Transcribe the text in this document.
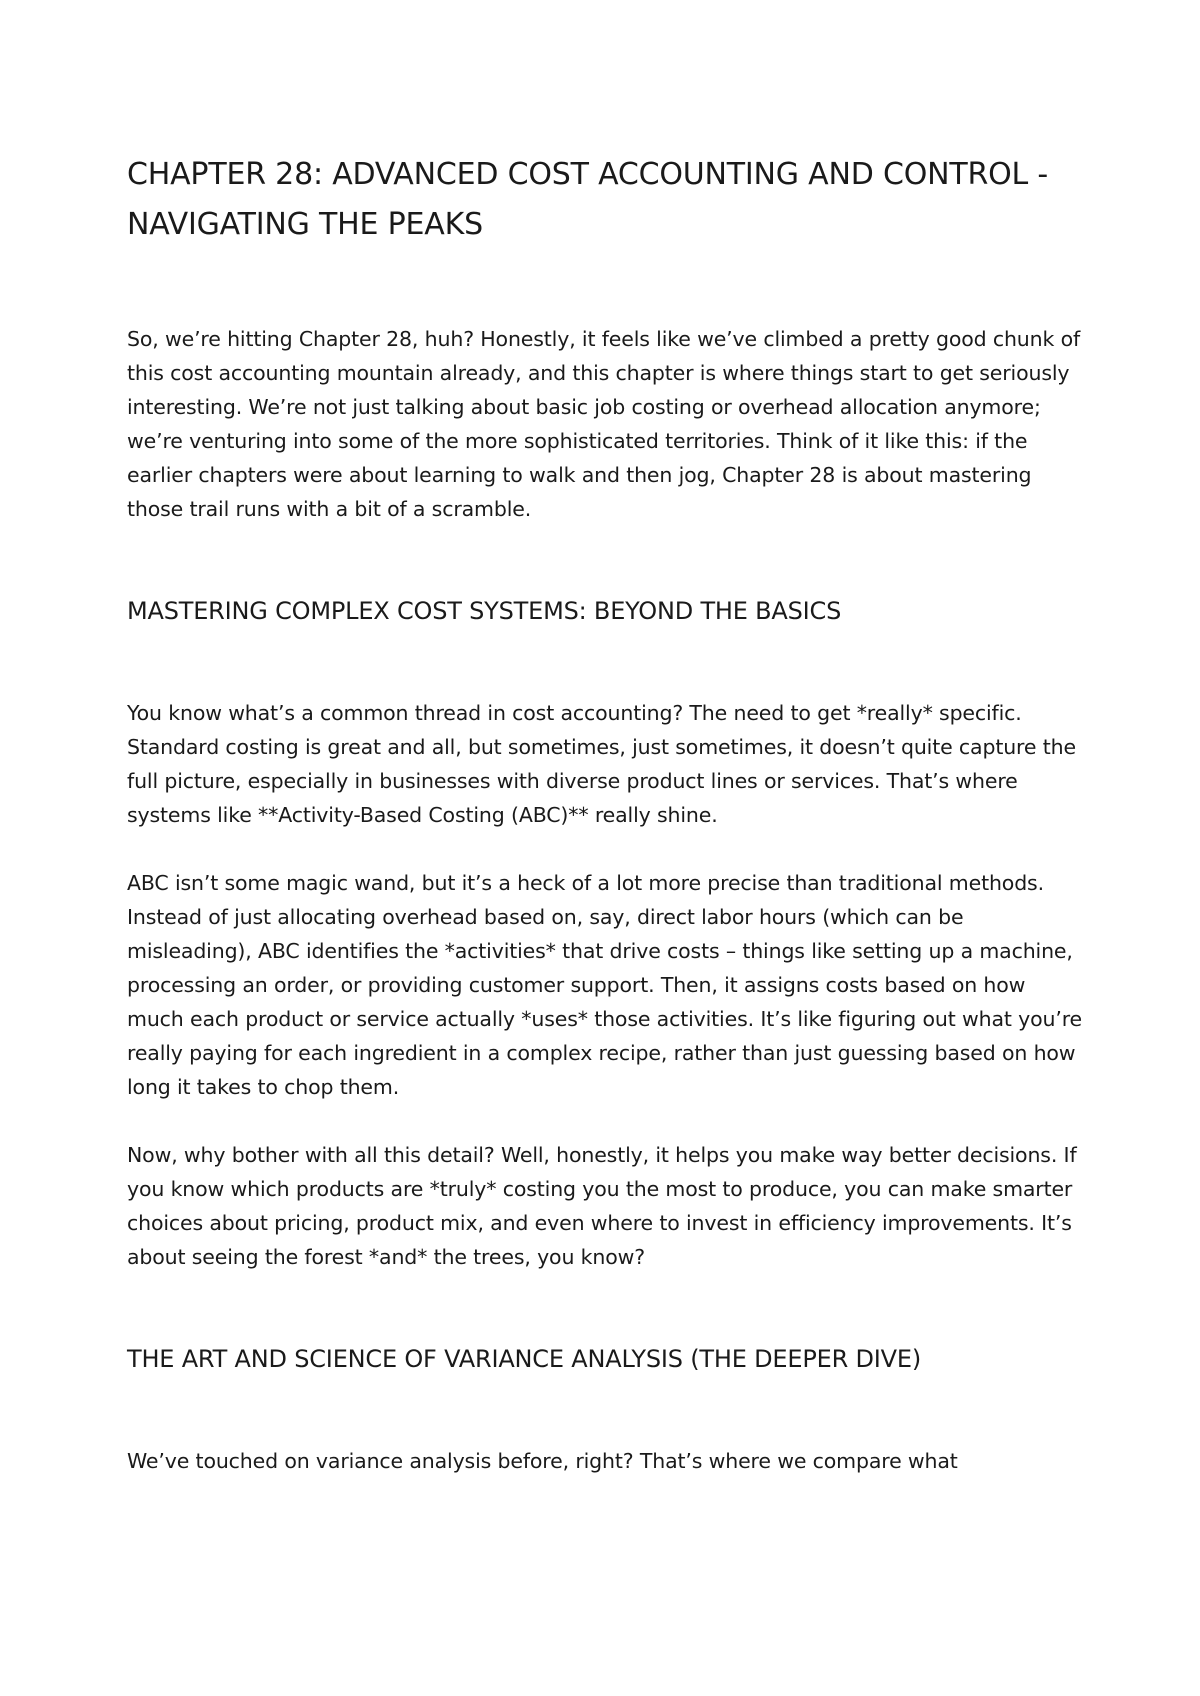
CHAPTER 28: ADVANCED COST ACCOUNTING AND CONTROL - NAVIGATING THE PEAKS

So, we’re hitting Chapter 28, huh? Honestly, it feels like we’ve climbed a pretty good chunk of this cost accounting mountain already, and this chapter is where things start to get seriously interesting. We’re not just talking about basic job costing or overhead allocation anymore; we’re venturing into some of the more sophisticated territories. Think of it like this: if the earlier chapters were about learning to walk and then jog, Chapter 28 is about mastering those trail runs with a bit of a scramble.

MASTERING COMPLEX COST SYSTEMS: BEYOND THE BASICS

You know what’s a common thread in cost accounting? The need to get *really* specific. Standard costing is great and all, but sometimes, just sometimes, it doesn’t quite capture the full picture, especially in businesses with diverse product lines or services. That’s where systems like **Activity-Based Costing (ABC)** really shine.

ABC isn’t some magic wand, but it’s a heck of a lot more precise than traditional methods. Instead of just allocating overhead based on, say, direct labor hours (which can be misleading), ABC identifies the *activities* that drive costs – things like setting up a machine, processing an order, or providing customer support. Then, it assigns costs based on how much each product or service actually *uses* those activities. It’s like figuring out what you’re really paying for each ingredient in a complex recipe, rather than just guessing based on how long it takes to chop them.

Now, why bother with all this detail? Well, honestly, it helps you make way better decisions. If you know which products are *truly* costing you the most to produce, you can make smarter choices about pricing, product mix, and even where to invest in efficiency improvements. It’s about seeing the forest *and* the trees, you know?

THE ART AND SCIENCE OF VARIANCE ANALYSIS (THE DEEPER DIVE)

We’ve touched on variance analysis before, right? That’s where we compare what
